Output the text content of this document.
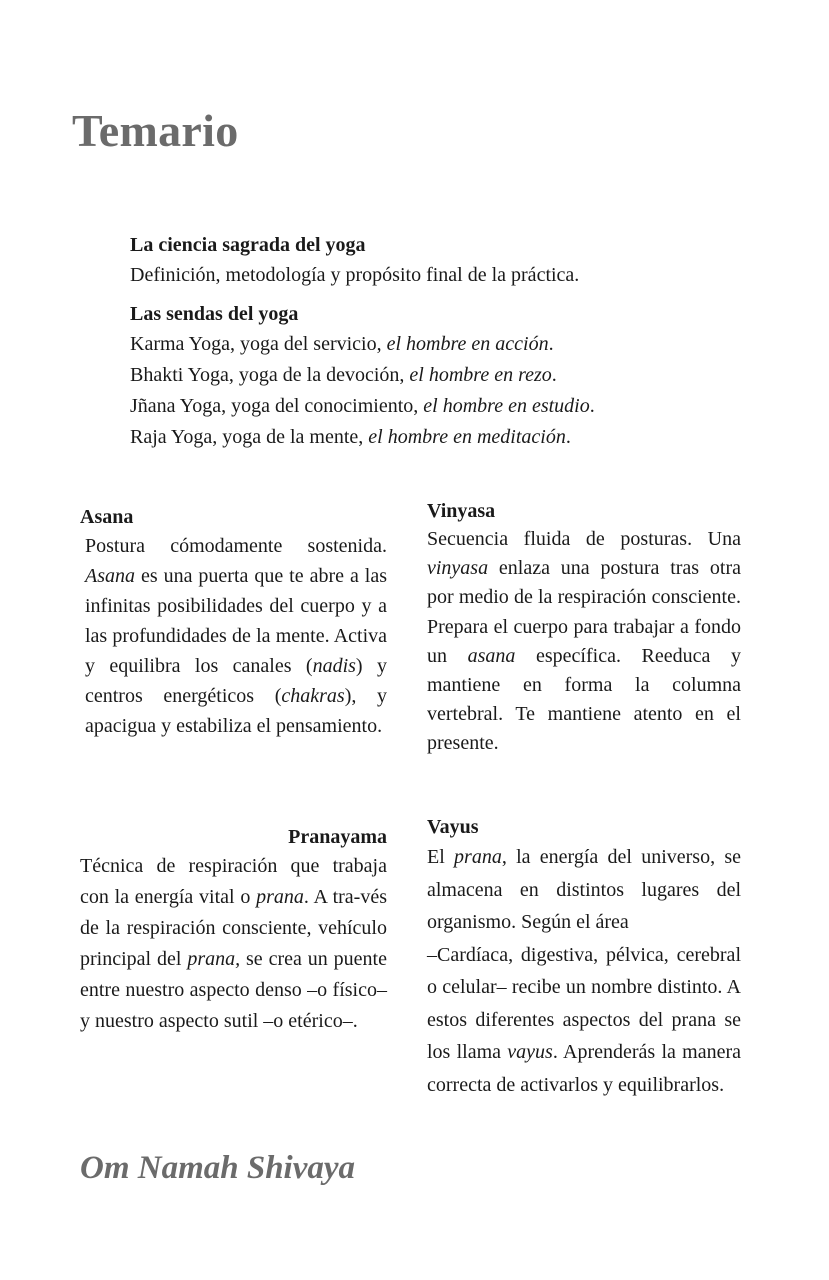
Temario
La ciencia sagrada del yoga
Definición, metodología y propósito final de la práctica.
Las sendas del yoga
Karma Yoga, yoga del servicio, el hombre en acción.
Bhakti Yoga, yoga de la devoción, el hombre en rezo.
Jñana Yoga, yoga del conocimiento, el hombre en estudio.
Raja Yoga, yoga de la mente, el hombre en meditación.
Asana
Postura cómodamente sostenida. Asana es una puerta que te abre a las infinitas posibilidades del cuerpo y a las profundidades de la mente. Activa y equilibra los canales (nadis) y centros energéticos (chakras), y apacigua y estabiliza el pensamiento.
Vinyasa
Secuencia fluida de posturas. Una vinyasa enlaza una postura tras otra por medio de la respiración consciente. Prepara el cuerpo para trabajar a fondo un asana específica. Reeduca y mantiene en forma la columna vertebral. Te mantiene atento en el presente.
Pranayama
Técnica de respiración que trabaja con la energía vital o prana. A tra-vés de la respiración consciente, vehículo principal del prana, se crea un puente entre nuestro aspecto denso –o físico– y nuestro aspecto sutil –o etérico–.
Vayus
El prana, la energía del universo, se almacena en distintos lugares del organismo. Según el área
–Cardíaca, digestiva, pélvica, cerebral o celular– recibe un nombre distinto. A estos diferentes aspectos del prana se los llama vayus. Aprenderás la manera correcta de activarlos y equilibrarlos.
Om Namah Shivaya
